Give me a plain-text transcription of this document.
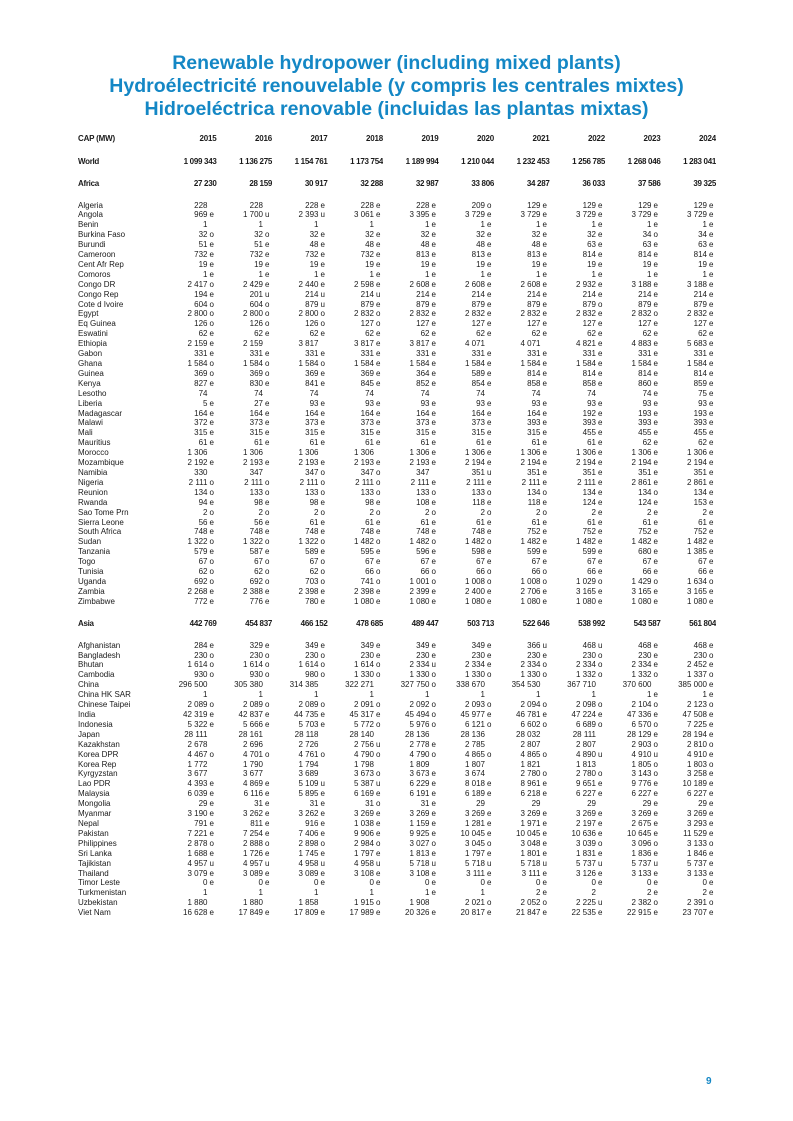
Renewable hydropower (including mixed plants)
Hydroélectricité renouvelable (y compris les centrales mixtes)
Hidroeléctrica renovable (incluidas las plantas mixtas)
CAP (MW)	2015	2016	2017	2018	2019	2020	2021	2022	2023	2024

World	1 099 343	1 136 275	1 154 761	1 173 754	1 189 994	1 210 044	1 232 453	1 256 785	1 268 046	1 283 041

Africa	27 230	28 159	30 917	32 288	32 987	33 806	34 287	36 033	37 586	39 325

Algeria	228	228	228 e	228 e	228 e	209 o	129 e	129 e	129 e	129 e
Angola	969 e	1 700 u	2 393 u	3 061 e	3 395 e	3 729 e	3 729 e	3 729 e	3 729 e	3 729 e
Benin	1	1	1	1	1 e	1 e	1 e	1 e	1 e	1 e
Burkina Faso	32 o	32 o	32 e	32 e	32 e	32 e	32 e	32 e	34 o	34 e
Burundi	51 e	51 e	48 e	48 e	48 e	48 e	48 e	63 e	63 e	63 e
Cameroon	732 e	732 e	732 e	732 e	813 e	813 e	813 e	814 e	814 e	814 e
Cent Afr Rep	19 e	19 e	19 e	19 e	19 e	19 e	19 e	19 e	19 e	19 e
Comoros	1 e	1 e	1 e	1 e	1 e	1 e	1 e	1 e	1 e	1 e
Congo DR	2 417 o	2 429 e	2 440 e	2 598 e	2 608 e	2 608 e	2 608 e	2 932 e	3 188 e	3 188 e
Congo Rep	194 e	201 u	214 u	214 u	214 e	214 e	214 e	214 e	214 e	214 e
Cote d Ivoire	604 o	604 o	879 u	879 e	879 e	879 e	879 e	879 o	879 e	879 e
Egypt	2 800 o	2 800 o	2 800 o	2 832 o	2 832 e	2 832 e	2 832 e	2 832 e	2 832 o	2 832 e
Eq Guinea	126 o	126 o	126 o	127 o	127 e	127 e	127 e	127 e	127 e	127 e
Eswatini	62 e	62 e	62 e	62 e	62 e	62 e	62 e	62 e	62 e	62 e
Ethiopia	2 159 e	2 159	3 817	3 817 e	3 817 e	4 071	4 071	4 821 e	4 883 e	5 683 e
Gabon	331 e	331 e	331 e	331 e	331 e	331 e	331 e	331 e	331 e	331 e
Ghana	1 584 o	1 584 o	1 584 o	1 584 e	1 584 e	1 584 e	1 584 e	1 584 e	1 584 e	1 584 e
Guinea	369 o	369 o	369 e	369 e	364 e	589 e	814 e	814 e	814 e	814 e
Kenya	827 e	830 e	841 e	845 e	852 e	854 e	858 e	858 e	860 e	859 e
Lesotho	74	74	74	74	74	74	74	74	74 e	75 e
Liberia	5 e	27 e	93 e	93 e	93 e	93 e	93 e	93 e	93 e	93 e
Madagascar	164 e	164 e	164 e	164 e	164 e	164 e	164 e	192 e	193 e	193 e
Malawi	372 e	373 e	373 e	373 e	373 e	373 e	393 e	393 e	393 e	393 e
Mali	315 e	315 e	315 e	315 e	315 e	315 e	315 e	455 e	455 e	455 e
Mauritius	61 e	61 e	61 e	61 e	61 e	61 e	61 e	61 e	62 e	62 e
Morocco	1 306	1 306	1 306	1 306	1 306 e	1 306 e	1 306 e	1 306 e	1 306 e	1 306 e
Mozambique	2 192 e	2 193 e	2 193 e	2 193 e	2 193 e	2 194 e	2 194 e	2 194 e	2 194 e	2 194 e
Namibia	330	347	347 o	347 o	347	351 u	351 e	351 e	351 e	351 e
Nigeria	2 111 o	2 111 o	2 111 o	2 111 o	2 111 e	2 111 e	2 111 e	2 111 e	2 861 e	2 861 e
Reunion	134 o	133 o	133 o	133 o	133 o	133 o	134 o	134 e	134 o	134 e
Rwanda	94 e	98 e	98 e	98 e	108 e	118 e	118 e	124 e	124 e	153 e
Sao Tome Prn	2 o	2 o	2 o	2 o	2 o	2 o	2 o	2 e	2 e	2 e
Sierra Leone	56 e	56 e	61 e	61 e	61 e	61 e	61 e	61 e	61 e	61 e
South Africa	748 e	748 e	748 e	748 e	748 e	748 e	752 e	752 e	752 e	752 e
Sudan	1 322 o	1 322 o	1 322 o	1 482 o	1 482 o	1 482 o	1 482 e	1 482 e	1 482 e	1 482 e
Tanzania	579 e	587 e	589 e	595 e	596 e	598 e	599 e	599 e	680 e	1 385 e
Togo	67 o	67 o	67 o	67 e	67 e	67 e	67 e	67 e	67 e	67 e
Tunisia	62 o	62 o	62 o	66 o	66 o	66 o	66 o	66 e	66 e	66 e
Uganda	692 o	692 o	703 o	741 o	1 001 o	1 008 o	1 008 o	1 029 o	1 429 o	1 634 o
Zambia	2 268 e	2 388 e	2 398 e	2 398 e	2 399 e	2 400 e	2 706 e	3 165 e	3 165 e	3 165 e
Zimbabwe	772 e	776 e	780 e	1 080 e	1 080 e	1 080 e	1 080 e	1 080 e	1 080 e	1 080 e

Asia	442 769	454 837	466 152	478 685	489 447	503 713	522 646	538 992	543 587	561 804

Afghanistan	284 e	329 e	349 e	349 e	349 e	349 e	366 u	468 u	468 e	468 e
Bangladesh	230 o	230 o	230 o	230 e	230 e	230 e	230 e	230 o	230 e	230 o
Bhutan	1 614 o	1 614 o	1 614 o	1 614 o	2 334 u	2 334 e	2 334 o	2 334 o	2 334 e	2 452 e
Cambodia	930 o	930 o	980 o	1 330 o	1 330 o	1 330 o	1 330 o	1 332 o	1 332 o	1 337 o
China	296 500	305 380	314 385	322 271	327 750 o	338 670	354 530	367 710	370 600	385 000 e
China HK SAR	1	1	1	1	1	1	1	1	1 e	1 e
Chinese Taipei	2 089 o	2 089 o	2 089 o	2 091 o	2 092 o	2 093 o	2 094 o	2 098 o	2 104 o	2 123 o
India	42 319 e	42 837 e	44 735 e	45 317 e	45 494 o	45 977 e	46 781 e	47 224 e	47 336 e	47 508 e
Indonesia	5 322 e	5 666 e	5 703 e	5 772 o	5 976 o	6 121 o	6 602 o	6 689 o	6 570 o	7 225 e
Japan	28 111	28 161	28 118	28 140	28 136	28 136	28 032	28 111	28 129 e	28 194 e
Kazakhstan	2 678	2 696	2 726	2 756 u	2 778 e	2 785	2 807	2 807	2 903 o	2 810 o
Korea DPR	4 467 o	4 701 o	4 761 o	4 790 o	4 790 o	4 865 o	4 865 o	4 890 u	4 910 u	4 910 e
Korea Rep	1 772	1 790	1 794	1 798	1 809	1 807	1 821	1 813	1 805 o	1 803 o
Kyrgyzstan	3 677	3 677	3 689	3 673 o	3 673 e	3 674	2 780 o	2 780 o	3 143 o	3 258 e
Lao PDR	4 393 e	4 869 e	5 109 u	5 387 u	6 229 e	8 018 e	8 961 e	9 651 e	9 776 e	10 189 e
Malaysia	6 039 e	6 116 e	5 895 e	6 169 e	6 191 e	6 189 e	6 218 e	6 227 e	6 227 e	6 227 e
Mongolia	29 e	31 e	31 e	31 o	31 e	29	29	29	29 e	29 e
Myanmar	3 190 e	3 262 e	3 262 e	3 269 e	3 269 e	3 269 e	3 269 e	3 269 e	3 269 e	3 269 e
Nepal	791 e	811 e	916 e	1 038 e	1 159 e	1 281 e	1 971 e	2 197 e	2 675 e	3 293 e
Pakistan	7 221 e	7 254 e	7 406 e	9 906 e	9 925 e	10 045 e	10 045 e	10 636 e	10 645 e	11 529 e
Philippines	2 878 o	2 888 o	2 898 o	2 984 o	3 027 o	3 045 o	3 048 e	3 039 o	3 096 o	3 133 o
Sri Lanka	1 688 e	1 726 e	1 745 e	1 797 e	1 813 e	1 797 e	1 801 e	1 831 e	1 836 e	1 846 e
Tajikistan	4 957 u	4 957 u	4 958 u	4 958 u	5 718 u	5 718 u	5 718 u	5 737 u	5 737 u	5 737 e
Thailand	3 079 e	3 089 e	3 089 e	3 108 e	3 108 e	3 111 e	3 111 e	3 126 e	3 133 e	3 133 e
Timor Leste	0 e	0 e	0 e	0 e	0 e	0 e	0 e	0 e	0 e	0 e
Turkmenistan	1	1	1	1	1 e	1	2 e	2	2 e	2 e
Uzbekistan	1 880	1 880	1 858	1 915 o	1 908	2 021 o	2 052 o	2 225 u	2 382 o	2 391 o
Viet Nam	16 628 e	17 849 e	17 809 e	17 989 e	20 326 e	20 817 e	21 847 e	22 535 e	22 915 e	23 707 e
9
